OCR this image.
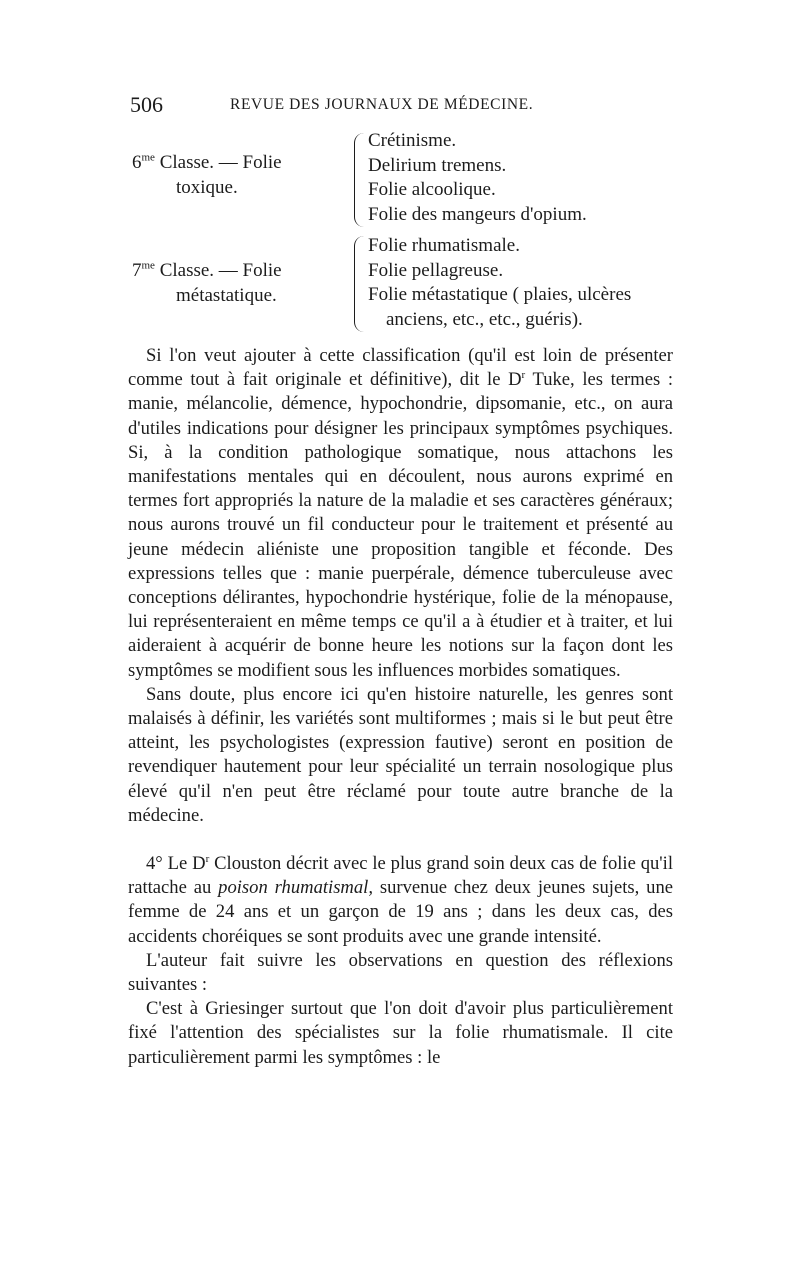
506	REVUE DES JOURNAUX DE MÉDECINE.
$6^{me}$ Classe. — Folie
toxique.
Crétinisme.
Delirium tremens.
Folie alcoolique.
Folie des mangeurs d'opium.
$7^{me}$ Classe. — Folie
métastatique.
Folie rhumatismale.
Folie pellagreuse.
Folie métastatique ( plaies, ulcères
anciens, etc., etc., guéris).

Si l'on veut ajouter à cette classification (qu'il est loin de présenter comme tout à fait originale et définitive), dit le $D^r$ Tuke, les termes : manie, mélancolie, démence, hypochondrie, dipsomanie, etc., on aura d'utiles indications pour désigner les principaux symptômes psychiques. Si, à la condition pathologique somatique, nous attachons les manifestations mentales qui en découlent, nous aurons exprimé en termes fort appropriés la nature de la maladie et ses caractères généraux; nous aurons trouvé un fil conducteur pour le traitement et présenté au jeune médecin aliéniste une proposition tangible et féconde. Des expressions telles que : manie puerpérale, démence tuberculeuse avec conceptions délirantes, hypochondrie hystérique, folie de la ménopause, lui représenteraient en même temps ce qu'il a à étudier et à traiter, et lui aideraient à acquérir de bonne heure les notions sur la façon dont les symptômes se modifient sous les influences morbides somatiques.

Sans doute, plus encore ici qu'en histoire naturelle, les genres sont malaisés à définir, les variétés sont multiformes ; mais si le but peut être atteint, les psychologistes (expression fautive) seront en position de revendiquer hautement pour leur spécialité un terrain nosologique plus élevé qu'il n'en peut être réclamé pour toute autre branche de la médecine.

4° Le $D^r$ Clouston décrit avec le plus grand soin deux cas de folie qu'il rattache au poison rhumatismal, survenue chez deux jeunes sujets, une femme de 24 ans et un garçon de 19 ans ; dans les deux cas, des accidents choréiques se sont produits avec une grande intensité.

L'auteur fait suivre les observations en question des réflexions suivantes :

C'est à Griesinger surtout que l'on doit d'avoir plus particulièrement fixé l'attention des spécialistes sur la folie rhumatismale. Il cite particulièrement parmi les symptômes : le
